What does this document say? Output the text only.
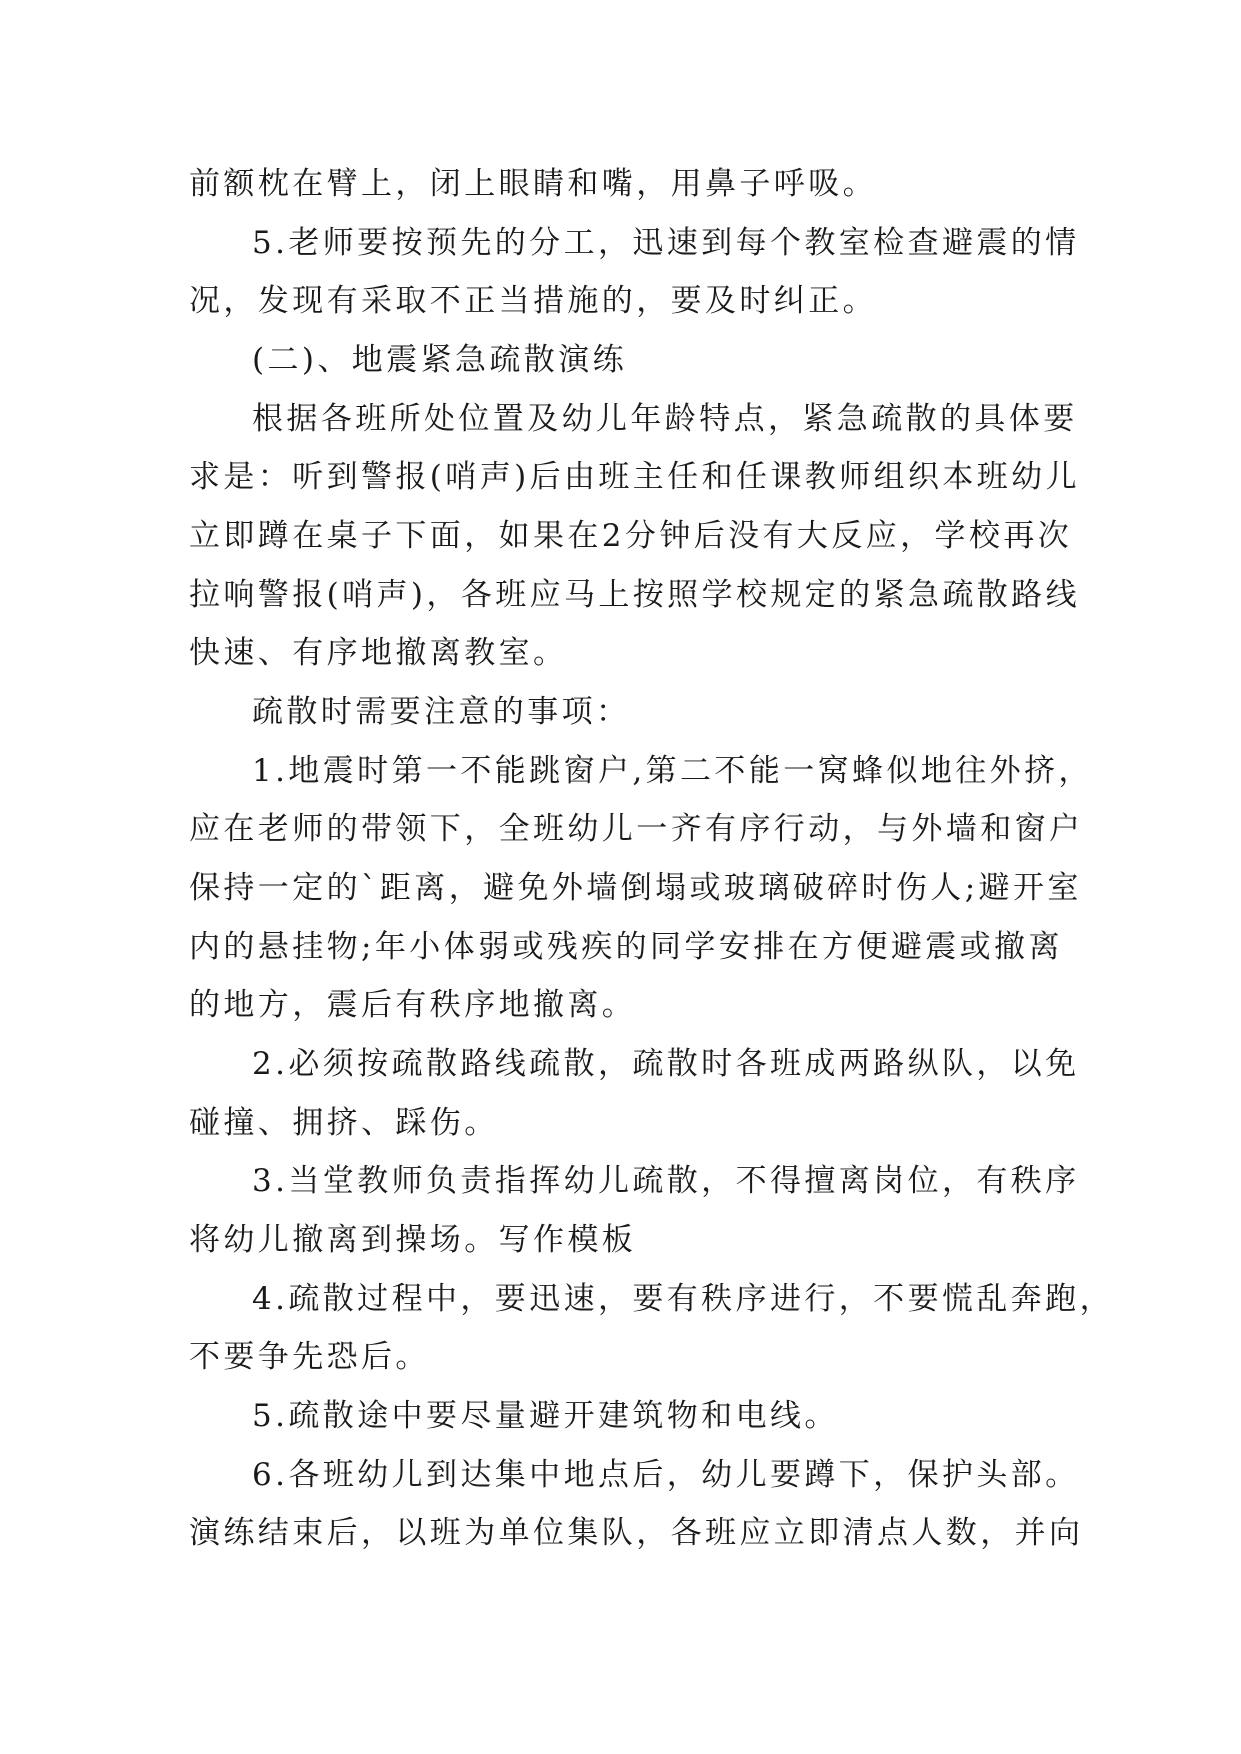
前额枕在臂上，闭上眼睛和嘴，用鼻子呼吸。
5.老师要按预先的分工，迅速到每个教室检查避震的情
况，发现有采取不正当措施的，要及时纠正。
(二)、地震紧急疏散演练
根据各班所处位置及幼儿年龄特点，紧急疏散的具体要
求是：听到警报(哨声)后由班主任和任课教师组织本班幼儿
立即蹲在桌子下面，如果在2分钟后没有大反应，学校再次
拉响警报(哨声)，各班应马上按照学校规定的紧急疏散路线
快速、有序地撤离教室。
疏散时需要注意的事项：
1.地震时第一不能跳窗户,第二不能一窝蜂似地往外挤，
应在老师的带领下，全班幼儿一齐有序行动，与外墙和窗户
保持一定的`距离，避免外墙倒塌或玻璃破碎时伤人;避开室
内的悬挂物;年小体弱或残疾的同学安排在方便避震或撤离
的地方，震后有秩序地撤离。
2.必须按疏散路线疏散，疏散时各班成两路纵队，以免
碰撞、拥挤、踩伤。
3.当堂教师负责指挥幼儿疏散，不得擅离岗位，有秩序
将幼儿撤离到操场。写作模板
4.疏散过程中，要迅速，要有秩序进行，不要慌乱奔跑，
不要争先恐后。
5.疏散途中要尽量避开建筑物和电线。
6.各班幼儿到达集中地点后，幼儿要蹲下，保护头部。
演练结束后，以班为单位集队，各班应立即清点人数，并向
